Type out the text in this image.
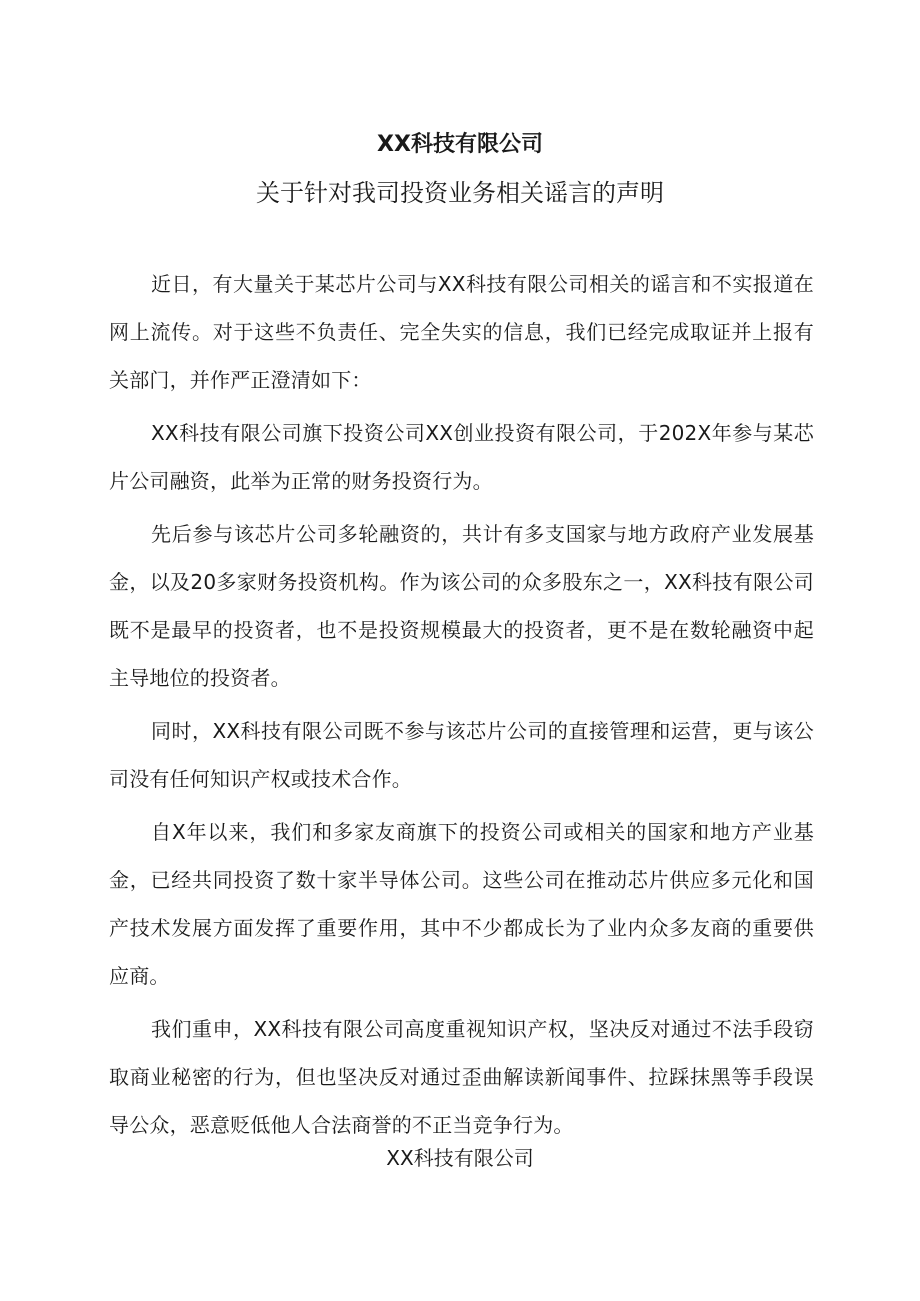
XX科技有限公司
关于针对我司投资业务相关谣言的声明

近日，有大量关于某芯片公司与XX科技有限公司相关的谣言和不实报道在网上流传。对于这些不负责任、完全失实的信息，我们已经完成取证并上报有关部门，并作严正澄清如下：

XX科技有限公司旗下投资公司XX创业投资有限公司，于202X年参与某芯片公司融资，此举为正常的财务投资行为。

先后参与该芯片公司多轮融资的，共计有多支国家与地方政府产业发展基金，以及20多家财务投资机构。作为该公司的众多股东之一，XX科技有限公司既不是最早的投资者，也不是投资规模最大的投资者，更不是在数轮融资中起主导地位的投资者。

同时，XX科技有限公司既不参与该芯片公司的直接管理和运营，更与该公司没有任何知识产权或技术合作。

自X年以来，我们和多家友商旗下的投资公司或相关的国家和地方产业基金，已经共同投资了数十家半导体公司。这些公司在推动芯片供应多元化和国产技术发展方面发挥了重要作用，其中不少都成长为了业内众多友商的重要供应商。

我们重申，XX科技有限公司高度重视知识产权，坚决反对通过不法手段窃取商业秘密的行为，但也坚决反对通过歪曲解读新闻事件、拉踩抹黑等手段误导公众，恶意贬低他人合法商誉的不正当竞争行为。

XX科技有限公司
